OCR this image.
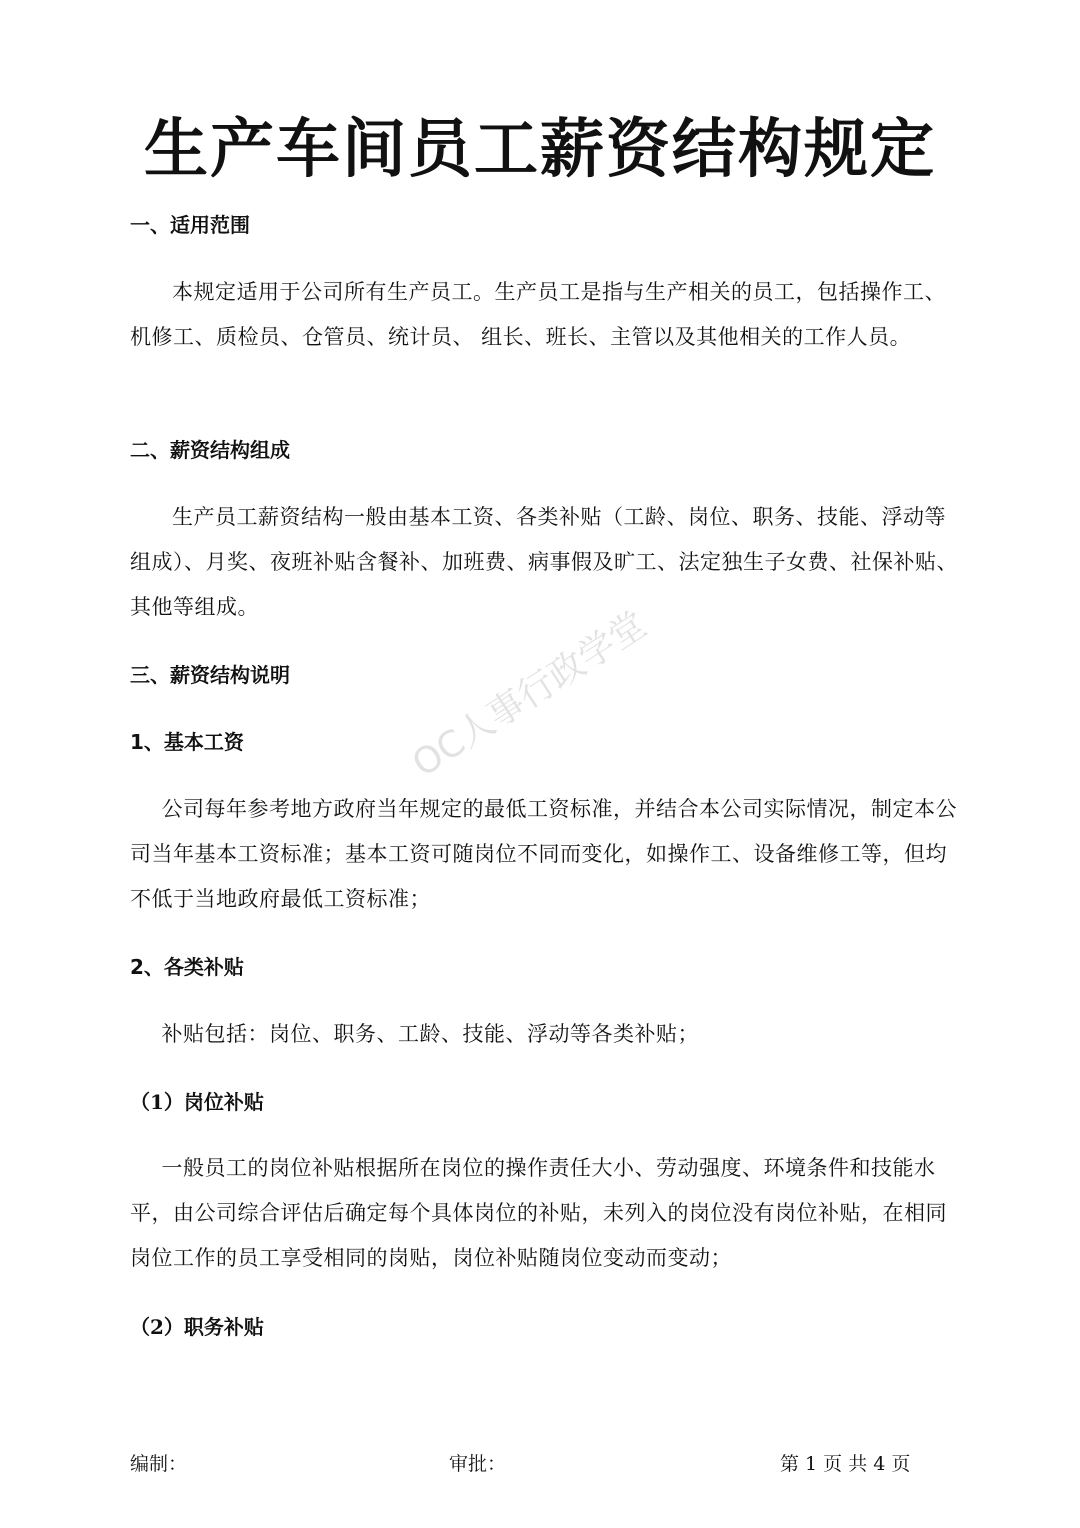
生产车间员工薪资结构规定
一、适用范围

本规定适用于公司所有生产员工。生产员工是指与生产相关的员工，包括操作工、机修工、质检员、仓管员、统计员、 组长、班长、主管以及其他相关的工作人员。

二、薪资结构组成

生产员工薪资结构一般由基本工资、各类补贴（工龄、岗位、职务、技能、浮动等组成）、月奖、夜班补贴含餐补、加班费、病事假及旷工、法定独生子女费、社保补贴、其他等组成。

三、薪资结构说明
1、基本工资

公司每年参考地方政府当年规定的最低工资标准，并结合本公司实际情况，制定本公司当年基本工资标准；基本工资可随岗位不同而变化，如操作工、设备维修工等，但均不低于当地政府最低工资标准；

2、各类补贴

补贴包括：岗位、职务、工龄、技能、浮动等各类补贴；

（1）岗位补贴

一般员工的岗位补贴根据所在岗位的操作责任大小、劳动强度、环境条件和技能水平，由公司综合评估后确定每个具体岗位的补贴，未列入的岗位没有岗位补贴，在相同岗位工作的员工享受相同的岗贴，岗位补贴随岗位变动而变动；

（2）职务补贴
OC人事行政学堂
编制：	审批：	第 1 页 共 4 页
